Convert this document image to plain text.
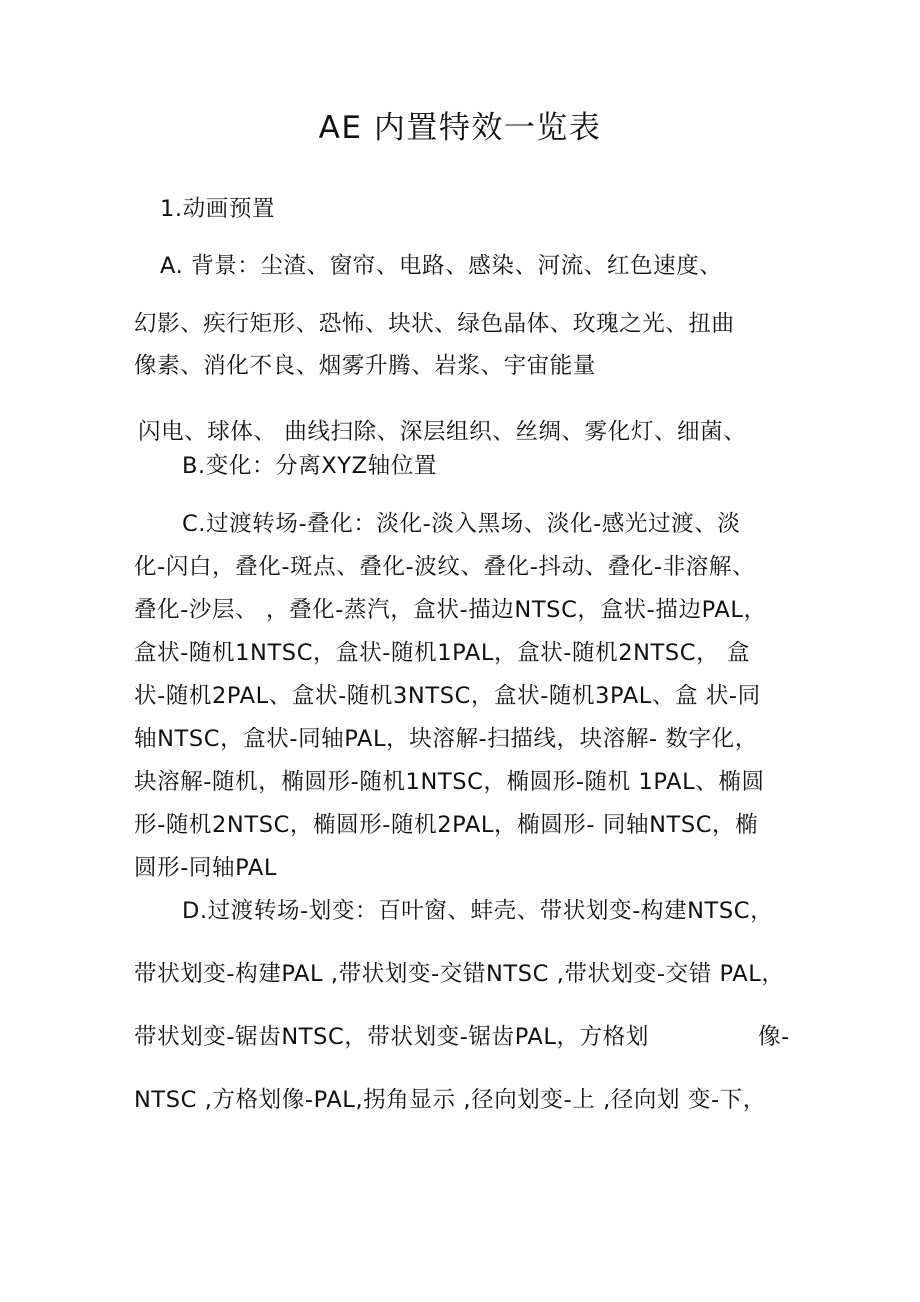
AE 内置特效一览表
1.动画预置
A. 背景：尘渣、窗帘、电路、感染、河流、红色速度、
幻影、疾行矩形、恐怖、块状、绿色晶体、玫瑰之光、扭曲
像素、消化不良、烟雾升腾、岩浆、宇宙能量
闪电、球体、 曲线扫除、深层组织、丝绸、雾化灯、细菌、
B.变化：分离XYZ轴位置
C.过渡转场-叠化：淡化-淡入黑场、淡化-感光过渡、淡
化-闪白，叠化-斑点、叠化-波纹、叠化-抖动、叠化-非溶解、
叠化-沙层、 ，叠化-蒸汽，盒状-描边NTSC，盒状-描边PAL，
盒状-随机1NTSC，盒状-随机1PAL，盒状-随机2NTSC， 盒
状-随机2PAL、盒状-随机3NTSC，盒状-随机3PAL、盒 状-同
轴NTSC，盒状-同轴PAL，块溶解-扫描线，块溶解- 数字化，
块溶解-随机，椭圆形-随机1NTSC，椭圆形-随机 1PAL、椭圆
形-随机2NTSC，椭圆形-随机2PAL，椭圆形- 同轴NTSC，椭
圆形-同轴PAL
D.过渡转场-划变：百叶窗、蚌壳、带状划变-构建NTSC，
带状划变-构建PAL ,带状划变-交错NTSC ,带状划变-交错 PAL，
带状划变-锯齿NTSC，带状划变-锯齿PAL，方格划	像-
NTSC ,方格划像-PAL,拐角显示 ,径向划变-上 ,径向划 变-下，
